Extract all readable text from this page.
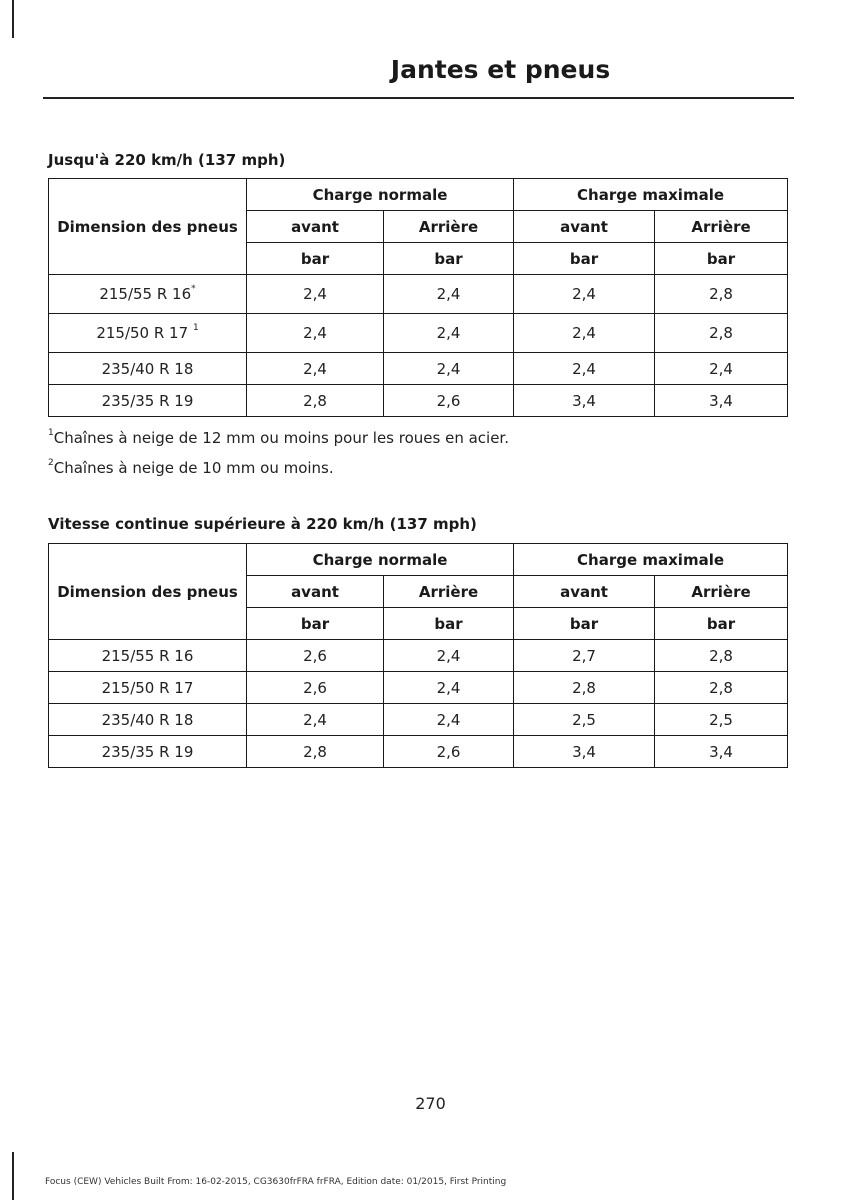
Jantes et pneus
Jusqu'à 220 km/h (137 mph)
Dimension des pneus	Charge normale		Charge maximale	
	avant	Arrière	avant	Arrière
	bar	bar	bar	bar
215/55 R 16*	2,4	2,4	2,4	2,8
215/50 R 17 $^1$	2,4	2,4	2,4	2,8
235/40 R 18	2,4	2,4	2,4	2,4
235/35 R 19	2,8	2,6	3,4	3,4
$^1$Chaînes à neige de 12 mm ou moins pour les roues en acier.
$^2$Chaînes à neige de 10 mm ou moins.
Vitesse continue supérieure à 220 km/h (137 mph)
Dimension des pneus	Charge normale		Charge maximale	
	avant	Arrière	avant	Arrière
	bar	bar	bar	bar
215/55 R 16	2,6	2,4	2,7	2,8
215/50 R 17	2,6	2,4	2,8	2,8
235/40 R 18	2,4	2,4	2,5	2,5
235/35 R 19	2,8	2,6	3,4	3,4
270
Focus (CEW) Vehicles Built From: 16-02-2015, CG3630frFRA frFRA, Edition date: 01/2015, First Printing
